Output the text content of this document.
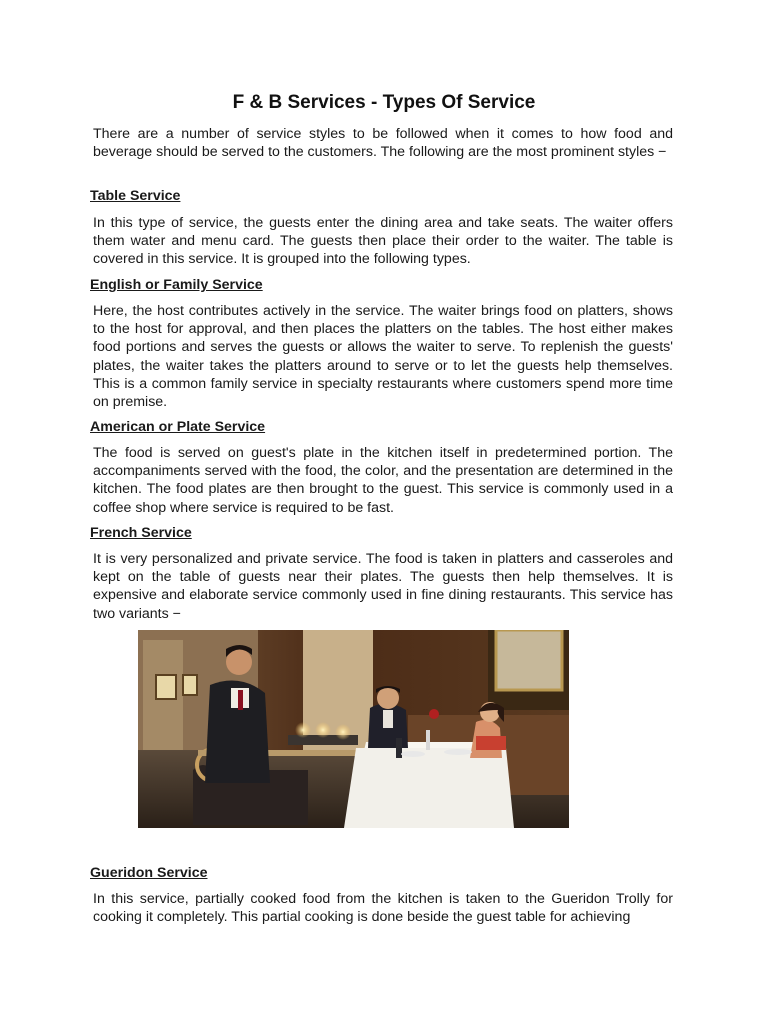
F & B Services - Types Of Service

There are a number of service styles to be followed when it comes to how food and beverage should be served to the customers. The following are the most prominent styles −

Table Service

In this type of service, the guests enter the dining area and take seats. The waiter offers them water and menu card. The guests then place their order to the waiter. The table is covered in this service. It is grouped into the following types.

English or Family Service

Here, the host contributes actively in the service. The waiter brings food on platters, shows to the host for approval, and then places the platters on the tables. The host either makes food portions and serves the guests or allows the waiter to serve. To replenish the guests' plates, the waiter takes the platters around to serve or to let the guests help themselves. This is a common family service in specialty restaurants where customers spend more time on premise.

American or Plate Service

The food is served on guest's plate in the kitchen itself in predetermined portion. The accompaniments served with the food, the color, and the presentation are determined in the kitchen. The food plates are then brought to the guest. This service is commonly used in a coffee shop where service is required to be fast.

French Service

It is very personalized and private service. The food is taken in platters and casseroles and kept on the table of guests near their plates. The guests then help themselves. It is expensive and elaborate service commonly used in fine dining restaurants. This service has two variants −

Gueridon Service

In this service, partially cooked food from the kitchen is taken to the Gueridon Trolly for cooking it completely. This partial cooking is done beside the guest table for achieving
